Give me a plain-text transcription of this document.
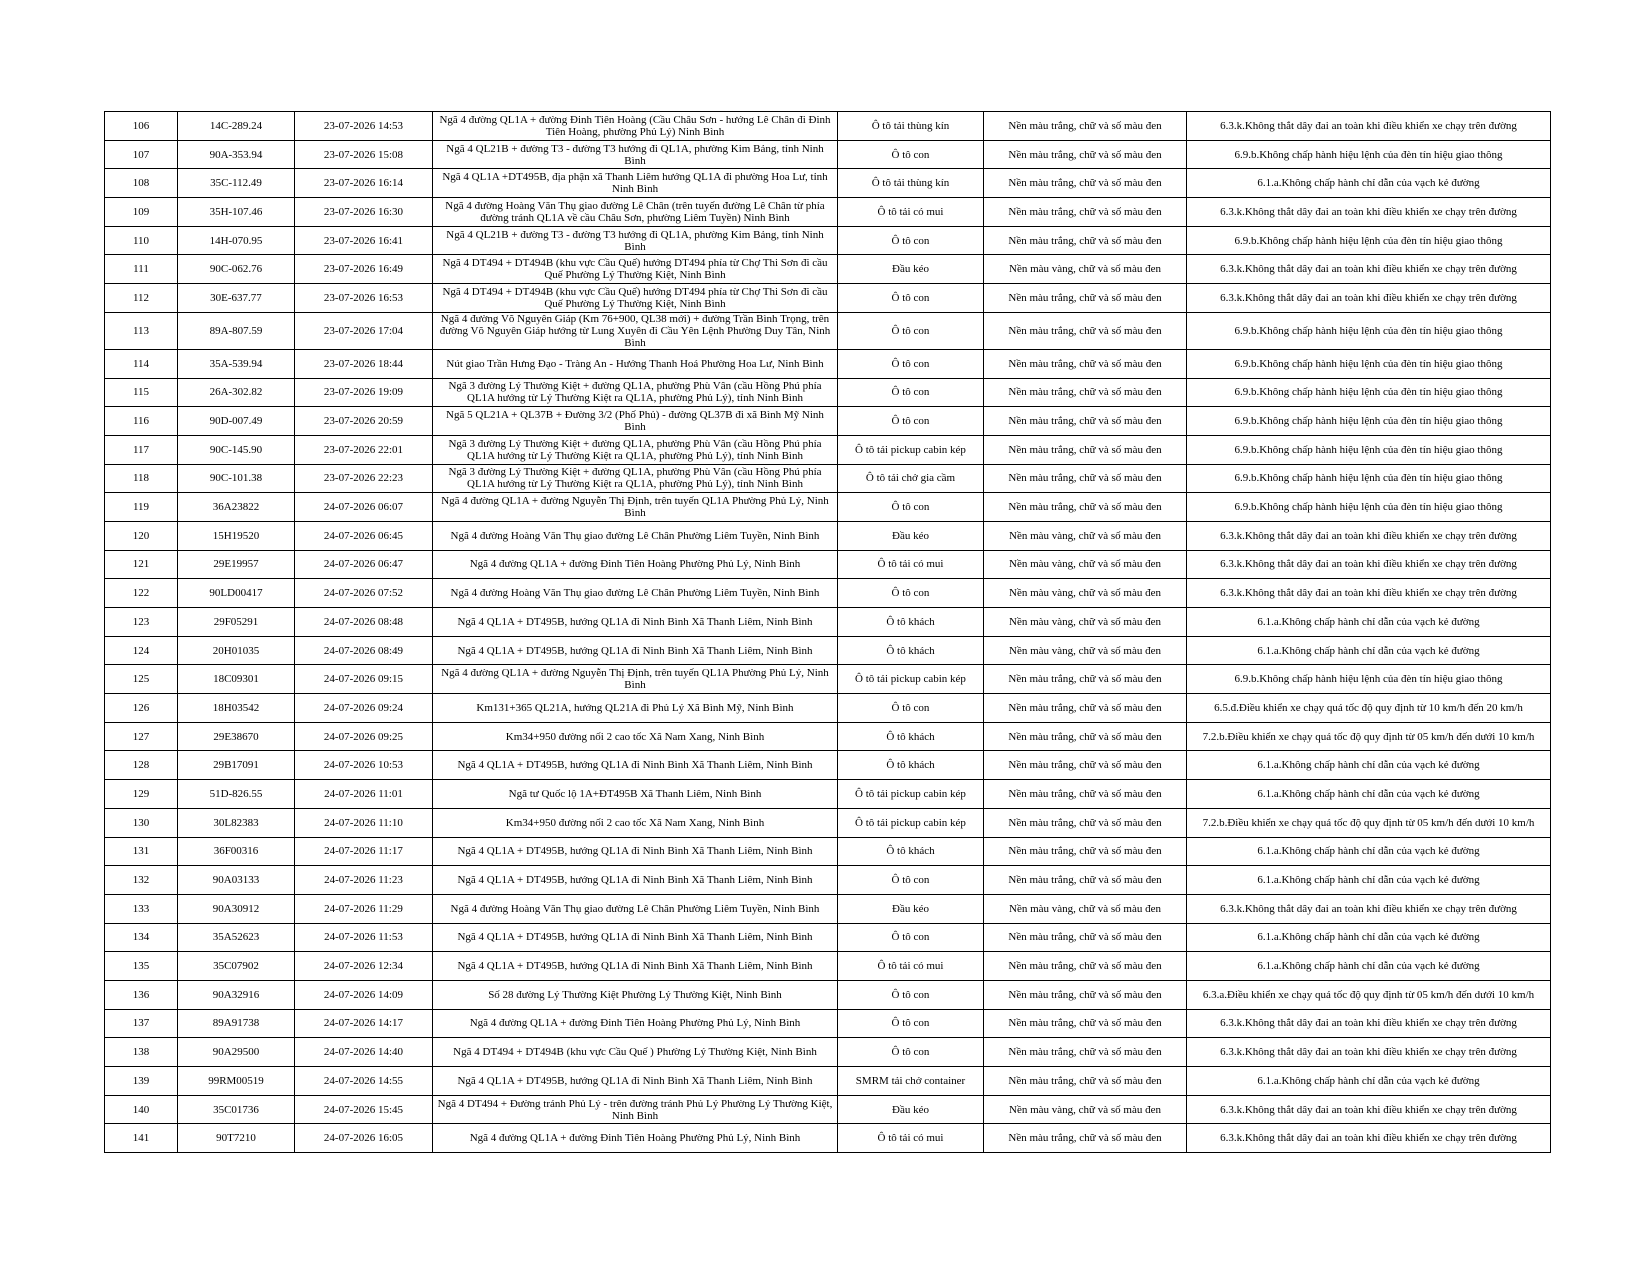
106	14C-289.24	23-07-2026 14:53	Ngã 4 đường QL1A + đường Đinh Tiên Hoàng (Cầu Châu Sơn - hướng Lê Chân đi Đinh Tiên Hoàng, phường Phủ Lý) Ninh Bình	Ô tô tải thùng kín	Nền màu trắng, chữ và số màu đen	6.3.k.Không thắt dây đai an toàn khi điều khiển xe chạy trên đường
107	90A-353.94	23-07-2026 15:08	Ngã 4 QL21B + đường T3 - đường T3 hướng đi QL1A, phường Kim Bảng, tỉnh Ninh Bình	Ô tô con	Nền màu trắng, chữ và số màu đen	6.9.b.Không chấp hành hiệu lệnh của đèn tín hiệu giao thông
108	35C-112.49	23-07-2026 16:14	Ngã 4 QL1A +DT495B, địa phận xã Thanh Liêm hướng QL1A đi phường Hoa Lư, tỉnh Ninh Bình	Ô tô tải thùng kín	Nền màu trắng, chữ và số màu đen	6.1.a.Không chấp hành chỉ dẫn của vạch kẻ đường
109	35H-107.46	23-07-2026 16:30	Ngã 4 đường Hoàng Văn Thụ giao đường Lê Chân (trên tuyến đường Lê Chân từ phía đường tránh QL1A về cầu Châu Sơn, phường Liêm Tuyền) Ninh Bình	Ô tô tải có mui	Nền màu trắng, chữ và số màu đen	6.3.k.Không thắt dây đai an toàn khi điều khiển xe chạy trên đường
110	14H-070.95	23-07-2026 16:41	Ngã 4 QL21B + đường T3 - đường T3 hướng đi QL1A, phường Kim Bảng, tỉnh Ninh Bình	Ô tô con	Nền màu trắng, chữ và số màu đen	6.9.b.Không chấp hành hiệu lệnh của đèn tín hiệu giao thông
111	90C-062.76	23-07-2026 16:49	Ngã 4 DT494 + DT494B (khu vực Cầu Quế) hướng DT494 phía từ Chợ Thi Sơn đi cầu Quế Phường Lý Thường Kiệt, Ninh Bình	Đầu kéo	Nền màu vàng, chữ và số màu đen	6.3.k.Không thắt dây đai an toàn khi điều khiển xe chạy trên đường
112	30E-637.77	23-07-2026 16:53	Ngã 4 DT494 + DT494B (khu vực Cầu Quế) hướng DT494 phía từ Chợ Thi Sơn đi cầu Quế Phường Lý Thường Kiệt, Ninh Bình	Ô tô con	Nền màu trắng, chữ và số màu đen	6.3.k.Không thắt dây đai an toàn khi điều khiển xe chạy trên đường
113	89A-807.59	23-07-2026 17:04	Ngã 4 đường Võ Nguyên Giáp (Km 76+900, QL38 mới) + đường Trần Bình Trọng, trên đường Võ Nguyên Giáp hướng từ Lung Xuyên đi Cầu Yên Lệnh Phường Duy Tân, Ninh Bình	Ô tô con	Nền màu trắng, chữ và số màu đen	6.9.b.Không chấp hành hiệu lệnh của đèn tín hiệu giao thông
114	35A-539.94	23-07-2026 18:44	Nút giao Trần Hưng Đạo - Tràng An - Hướng Thanh Hoá Phường Hoa Lư, Ninh Bình	Ô tô con	Nền màu trắng, chữ và số màu đen	6.9.b.Không chấp hành hiệu lệnh của đèn tín hiệu giao thông
115	26A-302.82	23-07-2026 19:09	Ngã 3 đường Lý Thường Kiệt + đường QL1A, phường Phù Vân (cầu Hồng Phú phía QL1A hướng từ Lý Thường Kiệt ra QL1A, phường Phủ Lý), tỉnh Ninh Bình	Ô tô con	Nền màu trắng, chữ và số màu đen	6.9.b.Không chấp hành hiệu lệnh của đèn tín hiệu giao thông
116	90D-007.49	23-07-2026 20:59	Ngã 5 QL21A + QL37B + Đường 3/2 (Phố Phủ) - đường QL37B đi xã Bình Mỹ Ninh Bình	Ô tô con	Nền màu trắng, chữ và số màu đen	6.9.b.Không chấp hành hiệu lệnh của đèn tín hiệu giao thông
117	90C-145.90	23-07-2026 22:01	Ngã 3 đường Lý Thường Kiệt + đường QL1A, phường Phù Vân (cầu Hồng Phú phía QL1A hướng từ Lý Thường Kiệt ra QL1A, phường Phủ Lý), tỉnh Ninh Bình	Ô tô tải pickup cabin kép	Nền màu trắng, chữ và số màu đen	6.9.b.Không chấp hành hiệu lệnh của đèn tín hiệu giao thông
118	90C-101.38	23-07-2026 22:23	Ngã 3 đường Lý Thường Kiệt + đường QL1A, phường Phù Vân (cầu Hồng Phú phía QL1A hướng từ Lý Thường Kiệt ra QL1A, phường Phủ Lý), tỉnh Ninh Bình	Ô tô tải chở gia cầm	Nền màu trắng, chữ và số màu đen	6.9.b.Không chấp hành hiệu lệnh của đèn tín hiệu giao thông
119	36A23822	24-07-2026 06:07	Ngã 4 đường QL1A + đường Nguyễn Thị Định, trên tuyến QL1A Phường Phủ Lý, Ninh Bình	Ô tô con	Nền màu trắng, chữ và số màu đen	6.9.b.Không chấp hành hiệu lệnh của đèn tín hiệu giao thông
120	15H19520	24-07-2026 06:45	Ngã 4 đường Hoàng Văn Thụ giao đường Lê Chân Phường Liêm Tuyền, Ninh Bình	Đầu kéo	Nền màu vàng, chữ và số màu đen	6.3.k.Không thắt dây đai an toàn khi điều khiển xe chạy trên đường
121	29E19957	24-07-2026 06:47	Ngã 4 đường QL1A + đường Đinh Tiên Hoàng Phường Phủ Lý, Ninh Bình	Ô tô tải có mui	Nền màu vàng, chữ và số màu đen	6.3.k.Không thắt dây đai an toàn khi điều khiển xe chạy trên đường
122	90LD00417	24-07-2026 07:52	Ngã 4 đường Hoàng Văn Thụ giao đường Lê Chân Phường Liêm Tuyền, Ninh Bình	Ô tô con	Nền màu vàng, chữ và số màu đen	6.3.k.Không thắt dây đai an toàn khi điều khiển xe chạy trên đường
123	29F05291	24-07-2026 08:48	Ngã 4 QL1A + DT495B, hướng QL1A đi Ninh Bình Xã Thanh Liêm, Ninh Bình	Ô tô khách	Nền màu vàng, chữ và số màu đen	6.1.a.Không chấp hành chỉ dẫn của vạch kẻ đường
124	20H01035	24-07-2026 08:49	Ngã 4 QL1A + DT495B, hướng QL1A đi Ninh Bình Xã Thanh Liêm, Ninh Bình	Ô tô khách	Nền màu vàng, chữ và số màu đen	6.1.a.Không chấp hành chỉ dẫn của vạch kẻ đường
125	18C09301	24-07-2026 09:15	Ngã 4 đường QL1A + đường Nguyễn Thị Định, trên tuyến QL1A Phường Phủ Lý, Ninh Bình	Ô tô tải pickup cabin kép	Nền màu trắng, chữ và số màu đen	6.9.b.Không chấp hành hiệu lệnh của đèn tín hiệu giao thông
126	18H03542	24-07-2026 09:24	Km131+365 QL21A, hướng QL21A đi Phủ Lý Xã Bình Mỹ, Ninh Bình	Ô tô con	Nền màu trắng, chữ và số màu đen	6.5.đ.Điều khiển xe chạy quá tốc độ quy định từ 10 km/h đến 20 km/h
127	29E38670	24-07-2026 09:25	Km34+950 đường nối 2 cao tốc Xã Nam Xang, Ninh Bình	Ô tô khách	Nền màu trắng, chữ và số màu đen	7.2.b.Điều khiển xe chạy quá tốc độ quy định từ 05 km/h đến dưới 10 km/h
128	29B17091	24-07-2026 10:53	Ngã 4 QL1A + DT495B, hướng QL1A đi Ninh Bình Xã Thanh Liêm, Ninh Bình	Ô tô khách	Nền màu trắng, chữ và số màu đen	6.1.a.Không chấp hành chỉ dẫn của vạch kẻ đường
129	51D-826.55	24-07-2026 11:01	Ngã tư Quốc lộ 1A+ĐT495B Xã Thanh Liêm, Ninh Bình	Ô tô tải pickup cabin kép	Nền màu trắng, chữ và số màu đen	6.1.a.Không chấp hành chỉ dẫn của vạch kẻ đường
130	30L82383	24-07-2026 11:10	Km34+950 đường nối 2 cao tốc Xã Nam Xang, Ninh Bình	Ô tô tải pickup cabin kép	Nền màu trắng, chữ và số màu đen	7.2.b.Điều khiển xe chạy quá tốc độ quy định từ 05 km/h đến dưới 10 km/h
131	36F00316	24-07-2026 11:17	Ngã 4 QL1A + DT495B, hướng QL1A đi Ninh Bình Xã Thanh Liêm, Ninh Bình	Ô tô khách	Nền màu trắng, chữ và số màu đen	6.1.a.Không chấp hành chỉ dẫn của vạch kẻ đường
132	90A03133	24-07-2026 11:23	Ngã 4 QL1A + DT495B, hướng QL1A đi Ninh Bình Xã Thanh Liêm, Ninh Bình	Ô tô con	Nền màu trắng, chữ và số màu đen	6.1.a.Không chấp hành chỉ dẫn của vạch kẻ đường
133	90A30912	24-07-2026 11:29	Ngã 4 đường Hoàng Văn Thụ giao đường Lê Chân Phường Liêm Tuyền, Ninh Bình	Đầu kéo	Nền màu vàng, chữ và số màu đen	6.3.k.Không thắt dây đai an toàn khi điều khiển xe chạy trên đường
134	35A52623	24-07-2026 11:53	Ngã 4 QL1A + DT495B, hướng QL1A đi Ninh Bình Xã Thanh Liêm, Ninh Bình	Ô tô con	Nền màu trắng, chữ và số màu đen	6.1.a.Không chấp hành chỉ dẫn của vạch kẻ đường
135	35C07902	24-07-2026 12:34	Ngã 4 QL1A + DT495B, hướng QL1A đi Ninh Bình Xã Thanh Liêm, Ninh Bình	Ô tô tải có mui	Nền màu trắng, chữ và số màu đen	6.1.a.Không chấp hành chỉ dẫn của vạch kẻ đường
136	90A32916	24-07-2026 14:09	Số 28 đường Lý Thường Kiệt Phường Lý Thường Kiệt, Ninh Bình	Ô tô con	Nền màu trắng, chữ và số màu đen	6.3.a.Điều khiển xe chạy quá tốc độ quy định từ 05 km/h đến dưới 10 km/h
137	89A91738	24-07-2026 14:17	Ngã 4 đường QL1A + đường Đinh Tiên Hoàng Phường Phủ Lý, Ninh Bình	Ô tô con	Nền màu trắng, chữ và số màu đen	6.3.k.Không thắt dây đai an toàn khi điều khiển xe chạy trên đường
138	90A29500	24-07-2026 14:40	Ngã 4 DT494 + DT494B (khu vực Cầu Quế ) Phường Lý Thường Kiệt, Ninh Bình	Ô tô con	Nền màu trắng, chữ và số màu đen	6.3.k.Không thắt dây đai an toàn khi điều khiển xe chạy trên đường
139	99RM00519	24-07-2026 14:55	Ngã 4 QL1A + DT495B, hướng QL1A đi Ninh Bình Xã Thanh Liêm, Ninh Bình	SMRM tải chở container	Nền màu trắng, chữ và số màu đen	6.1.a.Không chấp hành chỉ dẫn của vạch kẻ đường
140	35C01736	24-07-2026 15:45	Ngã 4 DT494 + Đường tránh Phủ Lý - trên đường tránh Phủ Lý Phường Lý Thường Kiệt, Ninh Bình	Đầu kéo	Nền màu vàng, chữ và số màu đen	6.3.k.Không thắt dây đai an toàn khi điều khiển xe chạy trên đường
141	90T7210	24-07-2026 16:05	Ngã 4 đường QL1A + đường Đinh Tiên Hoàng Phường Phủ Lý, Ninh Bình	Ô tô tải có mui	Nền màu trắng, chữ và số màu đen	6.3.k.Không thắt dây đai an toàn khi điều khiển xe chạy trên đường
